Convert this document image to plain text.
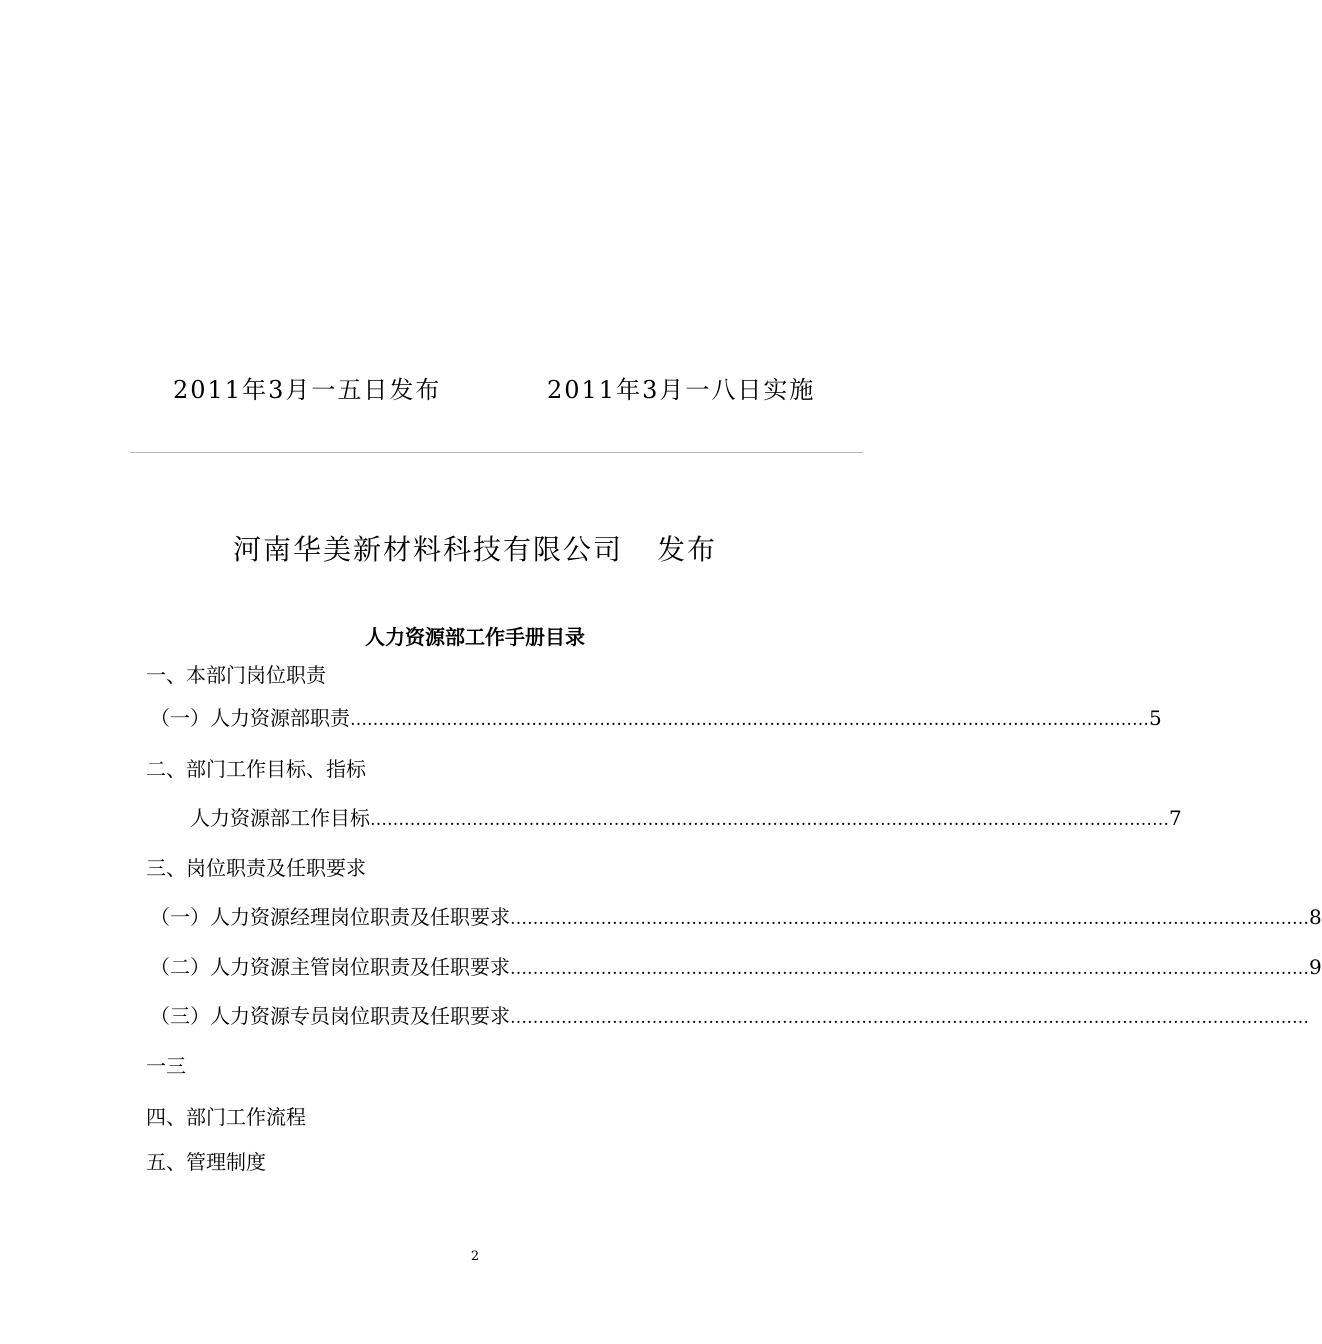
2011年3月一五日发布	2011年3月一八日实施
河南华美新材料科技有限公司 发布
人力资源部工作手册目录
一、本部门岗位职责
（一）人力资源部职责 …………………………………………………………………………………………………………………………… 5
二、部门工作目标、指标
人力资源部工作目标 …………………………………………………………………………………………………………………………… 7
三、岗位职责及任职要求
（一）人力资源经理岗位职责及任职要求 …………………………………………………………………………………………………………………………… 8
（二）人力资源主管岗位职责及任职要求 …………………………………………………………………………………………………………………………… 9
（三）人力资源专员岗位职责及任职要求 ……………………………………………………………………………………………………………………………
一三
四、部门工作流程
五、管理制度
2
